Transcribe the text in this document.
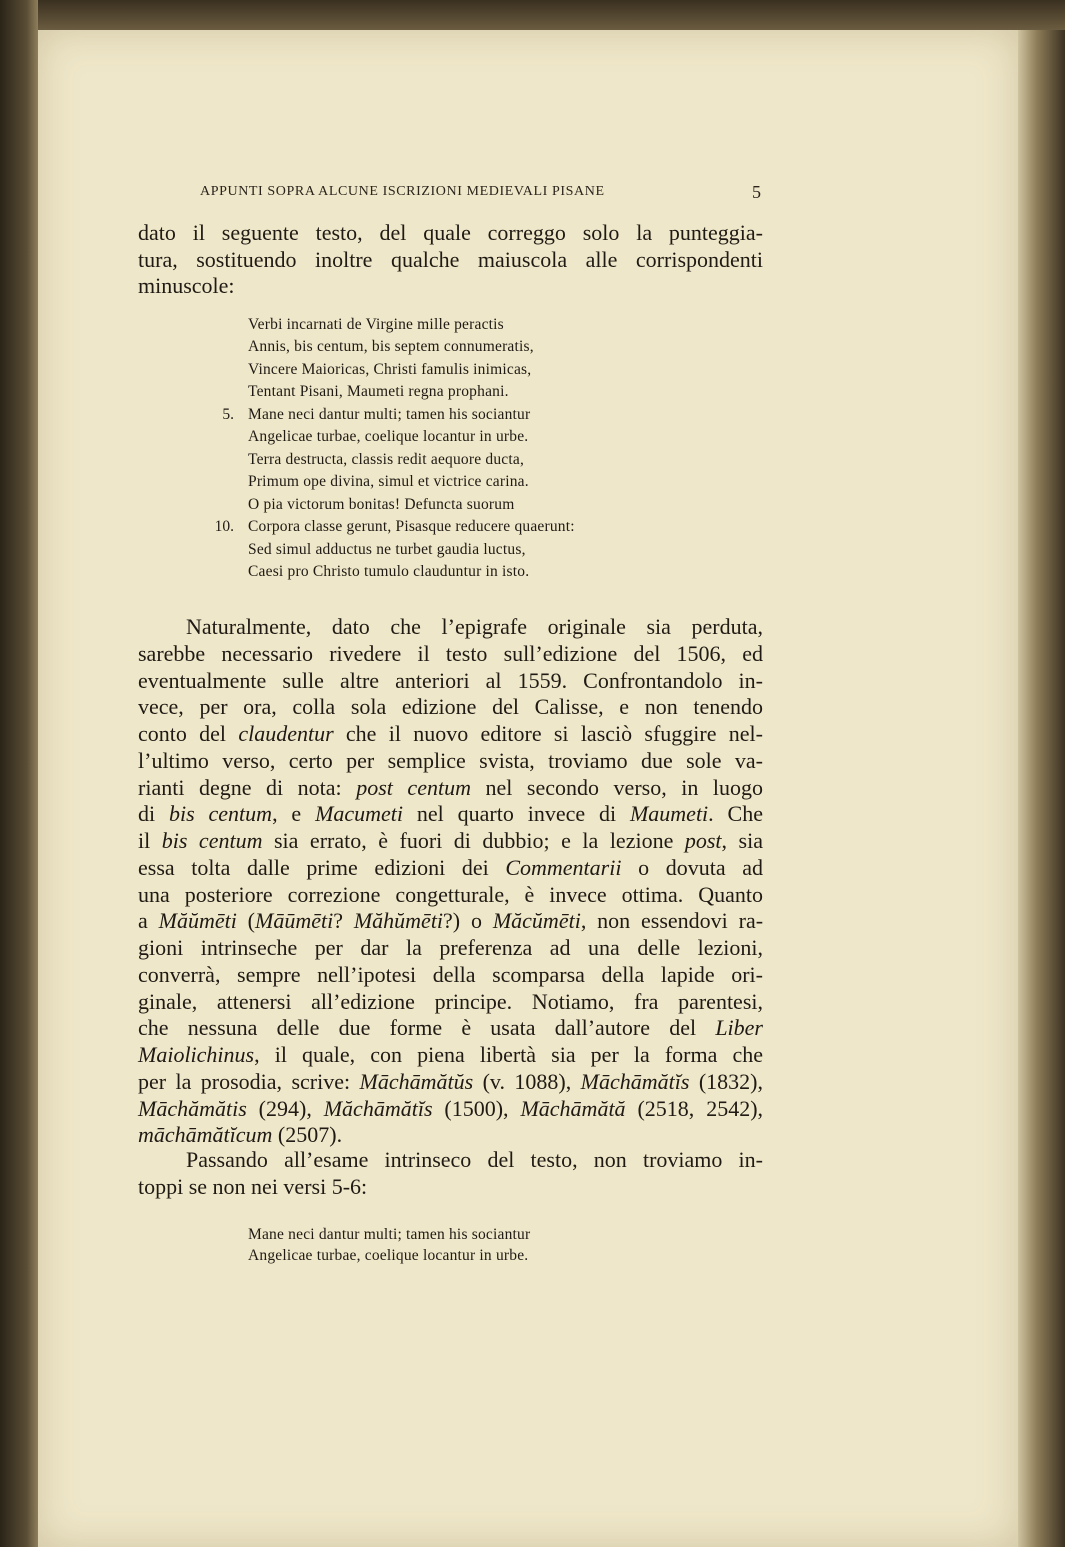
APPUNTI SOPRA ALCUNE ISCRIZIONI MEDIEVALI PISANE	5
dato il seguente testo, del quale correggo solo la punteggia-
tura, sostituendo inoltre qualche maiuscola alle corrispondenti
minuscole:
Naturalmente, dato che l’epigrafe originale sia perduta,
sarebbe necessario rivedere il testo sull’edizione del 1506, ed
eventualmente sulle altre anteriori al 1559. Confrontandolo in-
vece, per ora, colla sola edizione del Calisse, e non tenendo
conto del claudentur che il nuovo editore si lasciò sfuggire nel-
l’ultimo verso, certo per semplice svista, troviamo due sole va-
rianti degne di nota: post centum nel secondo verso, in luogo
di bis centum, e Macumeti nel quarto invece di Maumeti. Che
il bis centum sia errato, è fuori di dubbio; e la lezione post, sia
essa tolta dalle prime edizioni dei Commentarii o dovuta ad
una posteriore correzione congetturale, è invece ottima. Quanto
a Măŭmēti (Māūmēti? Măhŭmēti?) o Măcŭmēti, non essendovi ra-
gioni intrinseche per dar la preferenza ad una delle lezioni,
converrà, sempre nell’ipotesi della scomparsa della lapide ori-
ginale, attenersi all’edizione principe. Notiamo, fra parentesi,
che nessuna delle due forme è usata dall’autore del Liber
Maiolichinus, il quale, con piena libertà sia per la forma che
per la prosodia, scrive: Māchāmătŭs (v. 1088), Māchāmătĭs (1832),
Māchămătis (294), Măchāmătĭs (1500), Māchāmătă (2518, 2542),
māchāmătĭcum (2507).
Passando all’esame intrinseco del testo, non troviamo in-
toppi se non nei versi 5-6:
Verbi incarnati de Virgine mille peractis
Annis, bis centum, bis septem connumeratis,
Vincere Maioricas, Christi famulis inimicas,
Tentant Pisani, Maumeti regna prophani.
Mane neci dantur multi; tamen his sociantur
5.
Angelicae turbae, coelique locantur in urbe.
Terra destructa, classis redit aequore ducta,
Primum ope divina, simul et victrice carina.
O pia victorum bonitas! Defuncta suorum
Corpora classe gerunt, Pisasque reducere quaerunt:
10.
Sed simul adductus ne turbet gaudia luctus,
Caesi pro Christo tumulo clauduntur in isto.
Mane neci dantur multi; tamen his sociantur
Angelicae turbae, coelique locantur in urbe.
